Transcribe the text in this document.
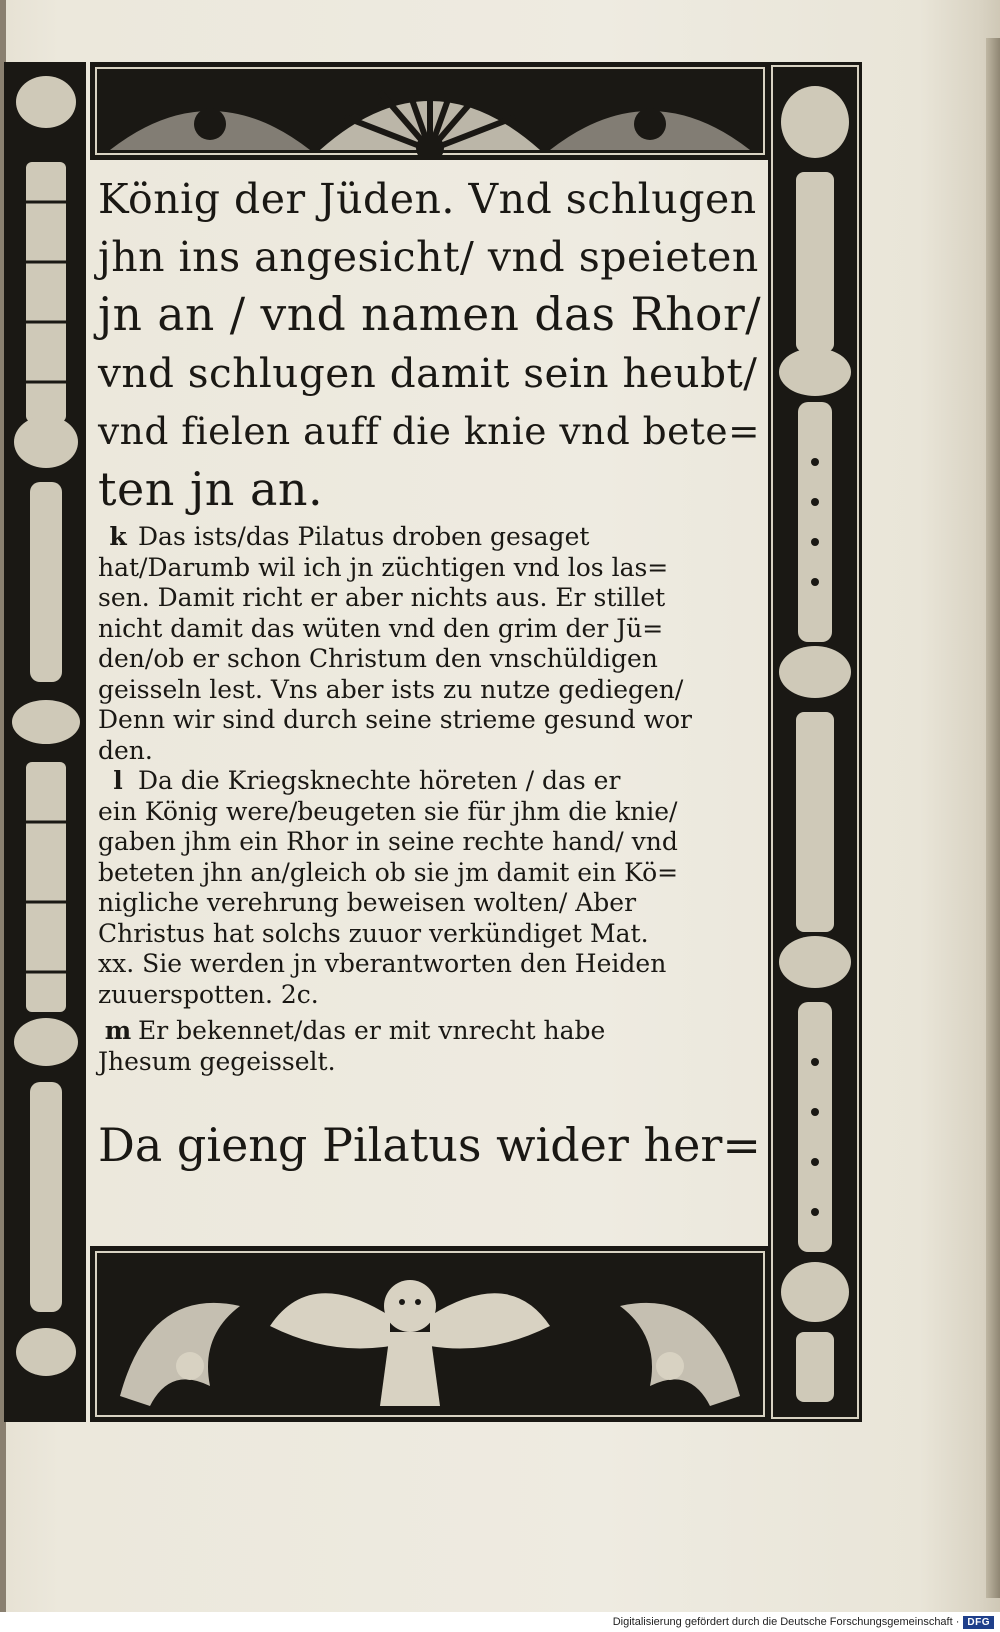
König der Jüden. Vnd schlugen
jhn ins angesicht/ vnd speieten
jn an / vnd namen das Rhor/
vnd schlugen damit sein heubt/
vnd fielen auff die knie vnd bete=
ten jn an.
k Das ists/das Pilatus droben gesaget
hat/Darumb wil ich jn züchtigen vnd los las=
sen. Damit richt er aber nichts aus. Er stillet
nicht damit das wüten vnd den grim der Jü=
den/ob er schon Christum den vnschüldigen
geisseln lest. Vns aber ists zu nutze gediegen/
Denn wir sind durch seine strieme gesund wor
den.
l Da die Kriegsknechte höreten / das er
ein König were/beugeten sie für jhm die knie/
gaben jhm ein Rhor in seine rechte hand/ vnd
beteten jhn an/gleich ob sie jm damit ein Kö=
nigliche verehrung beweisen wolten/ Aber
Christus hat solchs zuuor verkündiget Mat.
xx. Sie werden jn vberantworten den Heiden
zuuerspotten. 2c.
m Er bekennet/das er mit vnrecht habe
Jhesum gegeisselt.
Da gieng Pilatus wider her=
Digitalisierung gefördert durch die Deutsche Forschungsgemeinschaft · DFG
